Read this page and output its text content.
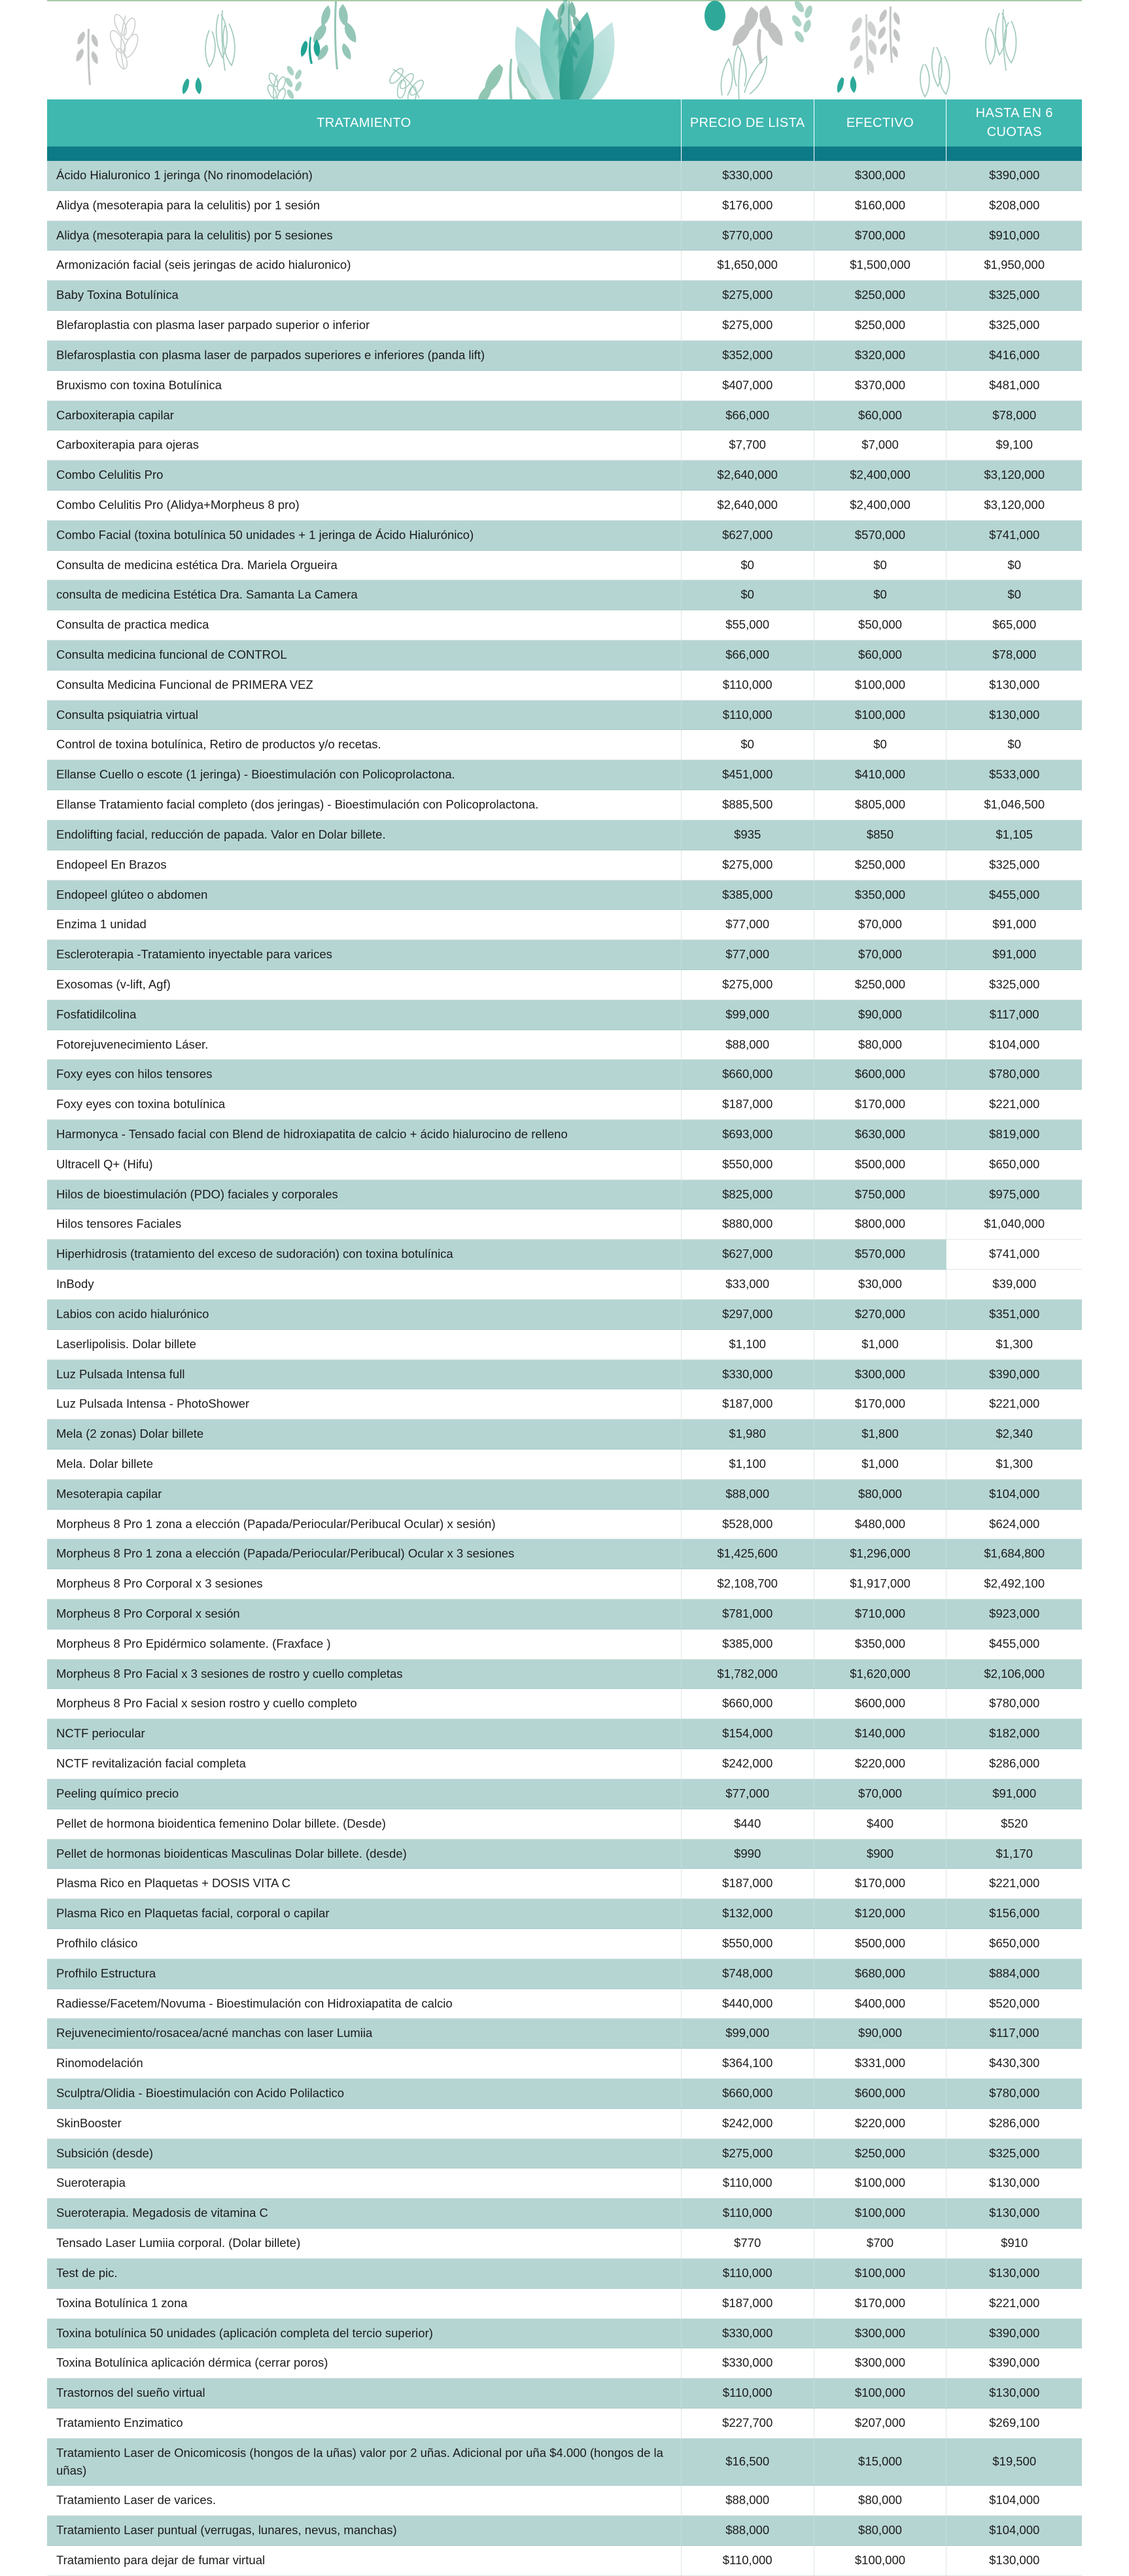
TRATAMIENTO	PRECIO DE LISTA	EFECTIVO	HASTA EN 6 CUOTAS

Ácido Hialuronico 1 jeringa (No rinomodelación)	$330,000	$300,000	$390,000
Alidya (mesoterapia para la celulitis) por 1 sesión	$176,000	$160,000	$208,000
Alidya (mesoterapia para la celulitis) por 5 sesiones	$770,000	$700,000	$910,000
Armonización facial (seis jeringas de acido hialuronico)	$1,650,000	$1,500,000	$1,950,000
Baby Toxina Botulínica	$275,000	$250,000	$325,000
Blefaroplastia con plasma laser parpado superior o inferior	$275,000	$250,000	$325,000
Blefarosplastia con plasma laser de parpados superiores e inferiores (panda lift)	$352,000	$320,000	$416,000
Bruxismo con toxina Botulínica	$407,000	$370,000	$481,000
Carboxiterapia capilar	$66,000	$60,000	$78,000
Carboxiterapia para ojeras	$7,700	$7,000	$9,100
Combo Celulitis Pro	$2,640,000	$2,400,000	$3,120,000
Combo Celulitis Pro (Alidya+Morpheus 8 pro)	$2,640,000	$2,400,000	$3,120,000
Combo Facial (toxina botulínica 50 unidades + 1 jeringa de Ácido Hialurónico)	$627,000	$570,000	$741,000
Consulta de medicina estética Dra. Mariela Orgueira	$0	$0	$0
consulta de medicina Estética Dra. Samanta La Camera	$0	$0	$0
Consulta de practica medica	$55,000	$50,000	$65,000
Consulta medicina funcional de CONTROL	$66,000	$60,000	$78,000
Consulta Medicina Funcional de PRIMERA VEZ	$110,000	$100,000	$130,000
Consulta psiquiatria virtual	$110,000	$100,000	$130,000
Control de toxina botulínica, Retiro de productos y/o recetas.	$0	$0	$0
Ellanse Cuello o escote (1 jeringa) - Bioestimulación con Policoprolactona.	$451,000	$410,000	$533,000
Ellanse Tratamiento facial completo (dos jeringas) - Bioestimulación con Policoprolactona.	$885,500	$805,000	$1,046,500
Endolifting facial, reducción de papada. Valor en Dolar billete.	$935	$850	$1,105
Endopeel En Brazos	$275,000	$250,000	$325,000
Endopeel glúteo o abdomen	$385,000	$350,000	$455,000
Enzima 1 unidad	$77,000	$70,000	$91,000
Escleroterapia -Tratamiento inyectable para varices	$77,000	$70,000	$91,000
Exosomas (v-lift, Agf)	$275,000	$250,000	$325,000
Fosfatidilcolina	$99,000	$90,000	$117,000
Fotorejuvenecimiento Láser.	$88,000	$80,000	$104,000
Foxy eyes con hilos tensores	$660,000	$600,000	$780,000
Foxy eyes con toxina botulínica	$187,000	$170,000	$221,000
Harmonyca - Tensado facial con Blend de hidroxiapatita de calcio + ácido hialurocino de relleno	$693,000	$630,000	$819,000
Ultracell Q+ (Hifu)	$550,000	$500,000	$650,000
Hilos de bioestimulación (PDO) faciales y corporales	$825,000	$750,000	$975,000
Hilos tensores Faciales	$880,000	$800,000	$1,040,000
Hiperhidrosis (tratamiento del exceso de sudoración) con toxina botulínica	$627,000	$570,000	$741,000
InBody	$33,000	$30,000	$39,000
Labios con acido hialurónico	$297,000	$270,000	$351,000
Laserlipolisis. Dolar billete	$1,100	$1,000	$1,300
Luz Pulsada Intensa full	$330,000	$300,000	$390,000
Luz Pulsada Intensa - PhotoShower	$187,000	$170,000	$221,000
Mela (2 zonas) Dolar billete	$1,980	$1,800	$2,340
Mela. Dolar billete	$1,100	$1,000	$1,300
Mesoterapia capilar	$88,000	$80,000	$104,000
Morpheus 8 Pro 1 zona a elección (Papada/Periocular/Peribucal Ocular) x sesión)	$528,000	$480,000	$624,000
Morpheus 8 Pro 1 zona a elección (Papada/Periocular/Peribucal) Ocular x 3 sesiones	$1,425,600	$1,296,000	$1,684,800
Morpheus 8 Pro Corporal x 3 sesiones	$2,108,700	$1,917,000	$2,492,100
Morpheus 8 Pro Corporal x sesión	$781,000	$710,000	$923,000
Morpheus 8 Pro Epidérmico solamente. (Fraxface )	$385,000	$350,000	$455,000
Morpheus 8 Pro Facial x 3 sesiones de rostro y cuello completas	$1,782,000	$1,620,000	$2,106,000
Morpheus 8 Pro Facial x sesion rostro y cuello completo	$660,000	$600,000	$780,000
NCTF periocular	$154,000	$140,000	$182,000
NCTF revitalización facial completa	$242,000	$220,000	$286,000
Peeling químico precio	$77,000	$70,000	$91,000
Pellet de hormona bioidentica femenino Dolar billete. (Desde)	$440	$400	$520
Pellet de hormonas bioidenticas Masculinas Dolar billete. (desde)	$990	$900	$1,170
Plasma Rico en Plaquetas + DOSIS VITA C	$187,000	$170,000	$221,000
Plasma Rico en Plaquetas facial, corporal o capilar	$132,000	$120,000	$156,000
Profhilo clásico	$550,000	$500,000	$650,000
Profhilo Estructura	$748,000	$680,000	$884,000
Radiesse/Facetem/Novuma - Bioestimulación con Hidroxiapatita de calcio	$440,000	$400,000	$520,000
Rejuvenecimiento/rosacea/acné manchas con laser Lumiia	$99,000	$90,000	$117,000
Rinomodelación	$364,100	$331,000	$430,300
Sculptra/Olidia - Bioestimulación con Acido Polilactico	$660,000	$600,000	$780,000
SkinBooster	$242,000	$220,000	$286,000
Subsición (desde)	$275,000	$250,000	$325,000
Sueroterapia	$110,000	$100,000	$130,000
Sueroterapia. Megadosis de vitamina C	$110,000	$100,000	$130,000
Tensado Laser Lumiia corporal. (Dolar billete)	$770	$700	$910
Test de pic.	$110,000	$100,000	$130,000
Toxina Botulínica 1 zona	$187,000	$170,000	$221,000
Toxina botulínica 50 unidades (aplicación completa del tercio superior)	$330,000	$300,000	$390,000
Toxina Botulínica aplicación dérmica (cerrar poros)	$330,000	$300,000	$390,000
Trastornos del sueño virtual	$110,000	$100,000	$130,000
Tratamiento Enzimatico	$227,700	$207,000	$269,100
Tratamiento Laser de Onicomicosis (hongos de la uñas) valor por 2 uñas. Adicional por uña $4.000 (hongos de la uñas)	$16,500	$15,000	$19,500
Tratamiento Laser de varices.	$88,000	$80,000	$104,000
Tratamiento Laser puntual (verrugas, lunares, nevus, manchas)	$88,000	$80,000	$104,000
Tratamiento para dejar de fumar virtual	$110,000	$100,000	$130,000
